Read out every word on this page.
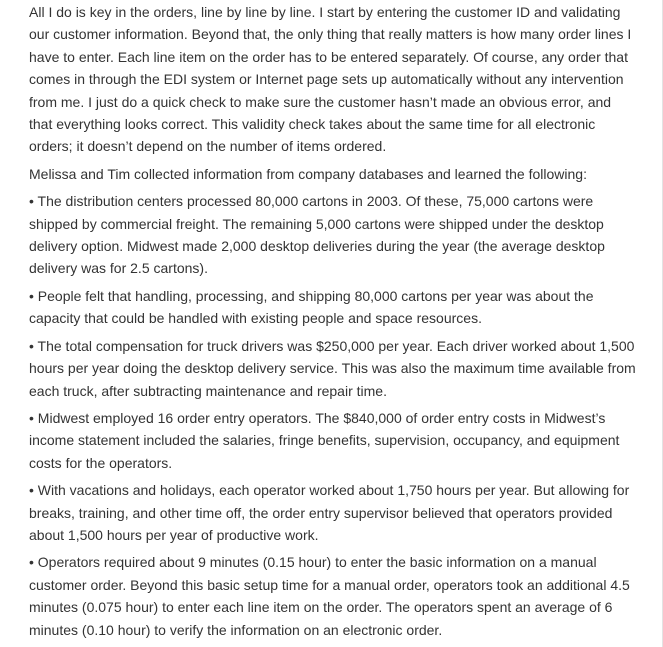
All I do is key in the orders, line by line by line. I start by entering the customer ID and validating our customer information. Beyond that, the only thing that really matters is how many order lines I have to enter. Each line item on the order has to be entered separately. Of course, any order that comes in through the EDI system or Internet page sets up automatically without any intervention from me. I just do a quick check to make sure the customer hasn’t made an obvious error, and that everything looks correct. This validity check takes about the same time for all electronic orders; it doesn’t depend on the number of items ordered.

Melissa and Tim collected information from company databases and learned the following:

• The distribution centers processed 80,000 cartons in 2003. Of these, 75,000 cartons were shipped by commercial freight. The remaining 5,000 cartons were shipped under the desktop delivery option. Midwest made 2,000 desktop deliveries during the year (the average desktop delivery was for 2.5 cartons).

• People felt that handling, processing, and shipping 80,000 cartons per year was about the capacity that could be handled with existing people and space resources.

• The total compensation for truck drivers was $250,000 per year. Each driver worked about 1,500 hours per year doing the desktop delivery service. This was also the maximum time available from each truck, after subtracting maintenance and repair time.

• Midwest employed 16 order entry operators. The $840,000 of order entry costs in Midwest’s income statement included the salaries, fringe benefits, supervision, occupancy, and equipment costs for the operators.

• With vacations and holidays, each operator worked about 1,750 hours per year. But allowing for breaks, training, and other time off, the order entry supervisor believed that operators provided about 1,500 hours per year of productive work.

• Operators required about 9 minutes (0.15 hour) to enter the basic information on a manual customer order. Beyond this basic setup time for a manual order, operators took an additional 4.5 minutes (0.075 hour) to enter each line item on the order. The operators spent an average of 6 minutes (0.10 hour) to verify the information on an electronic order.
